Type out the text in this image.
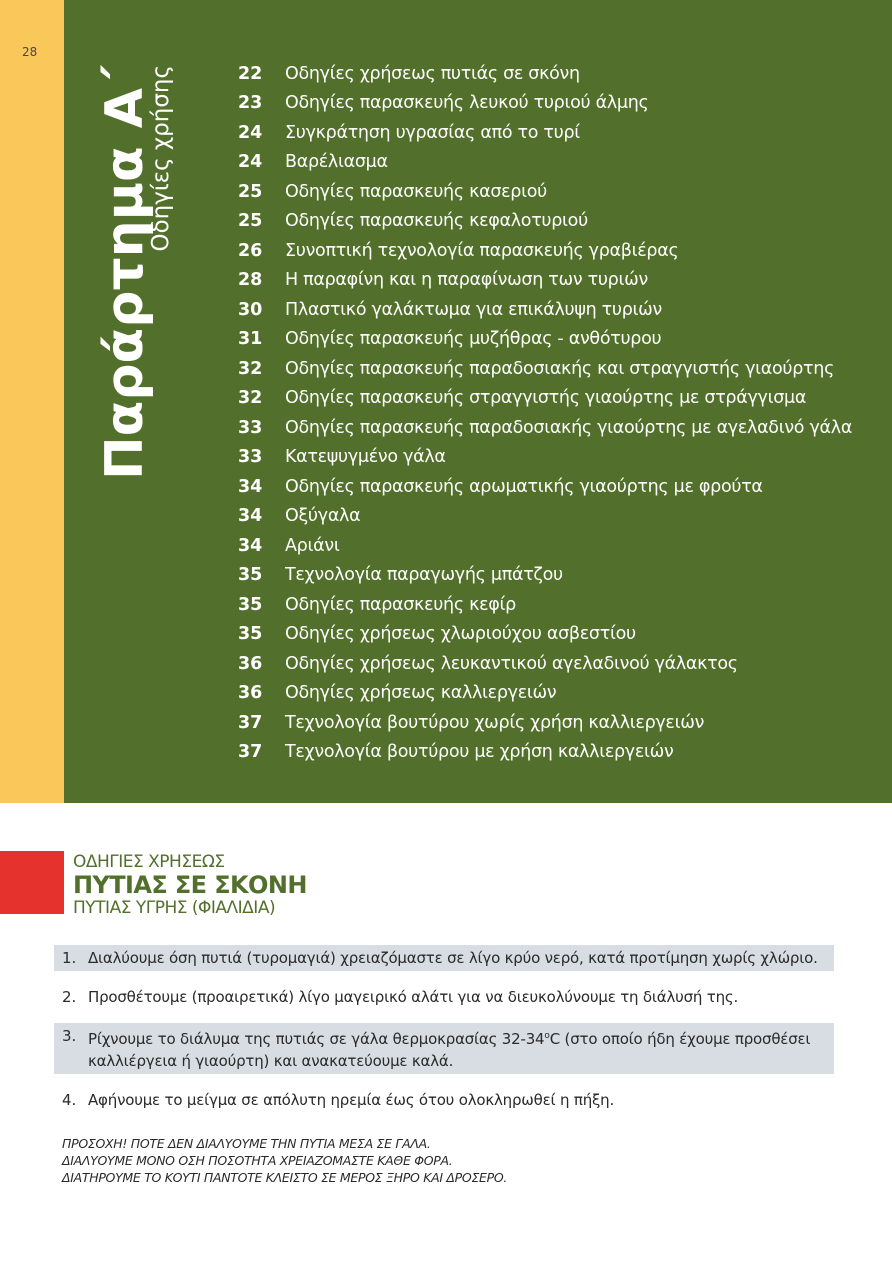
28
Παράρτημα Α΄
Οδηγίες χρήσης	22	Οδηγίες χρήσεως πυτιάς σε σκόνη
23	Οδηγίες παρασκευής λευκού τυριού άλμης
24	Συγκράτηση υγρασίας από το τυρί
24	Βαρέλιασμα
25	Οδηγίες παρασκευής κασεριού
25	Οδηγίες παρασκευής κεφαλοτυριού
26	Συνοπτική τεχνολογία παρασκευής γραβιέρας
28	Η παραφίνη και η παραφίνωση των τυριών
30	Πλαστικό γαλάκτωμα για επικάλυψη τυριών
31	Οδηγίες παρασκευής μυζήθρας - ανθότυρου
32	Οδηγίες παρασκευής παραδοσιακής και στραγγιστής γιαούρτης
32	Οδηγίες παρασκευής στραγγιστής γιαούρτης με στράγγισμα
33	Οδηγίες παρασκευής παραδοσιακής γιαούρτης με αγελαδινό γάλα
33	Κατεψυγμένο γάλα
34	Οδηγίες παρασκευής αρωματικής γιαούρτης με φρούτα
34	Οξύγαλα
34	Αριάνι
35	Τεχνολογία παραγωγής μπάτζου
35	Οδηγίες παρασκευής κεφίρ
35	Οδηγίες χρήσεως χλωριούχου ασβεστίου
36	Οδηγίες χρήσεως λευκαντικού αγελαδινού γάλακτος
36	Οδηγίες χρήσεως καλλιεργειών
37	Τεχνολογία βουτύρου χωρίς χρήση καλλιεργειών
37	Τεχνολογία βουτύρου με χρήση καλλιεργειών
ΟΔΗΓΙΕΣ ΧΡΗΣΕΩΣ
ΠΥΤΙΑΣ ΣΕ ΣΚΟΝΗ
ΠΥΤΙΑΣ ΥΓΡΗΣ (ΦΙΑΛΙΔΙΑ)
1. Διαλύουμε όση πυτιά (τυρομαγιά) χρειαζόμαστε σε λίγο κρύο νερό, κατά προτίμηση χωρίς χλώριο.
2. Προσθέτουμε (προαιρετικά) λίγο μαγειρικό αλάτι για να διευκολύνουμε τη διάλυσή της.
3. Ρίχνουμε το διάλυμα της πυτιάς σε γάλα θερμοκρασίας $32-34^oC$ (στο οποίο ήδη έχουμε προσθέσει καλλιέργεια ή γιαούρτη) και ανακατεύουμε καλά.
4. Αφήνουμε το μείγμα σε απόλυτη ηρεμία έως ότου ολοκληρωθεί η πήξη.
ΠΡΟΣΟΧΗ! ΠΟΤΕ ΔΕΝ ΔΙΑΛΥΟΥΜΕ ΤΗΝ ΠΥΤΙΑ ΜΕΣΑ ΣΕ ΓΑΛΑ.
ΔΙΑΛΥΟΥΜΕ ΜΟΝΟ ΟΣΗ ΠΟΣΟΤΗΤΑ ΧΡΕΙΑΖΟΜΑΣΤΕ ΚΑΘΕ ΦΟΡΑ.
ΔΙΑΤΗΡΟΥΜΕ ΤΟ ΚΟΥΤΙ ΠΑΝΤΟΤΕ ΚΛΕΙΣΤΟ ΣΕ ΜΕΡΟΣ ΞΗΡΟ ΚΑΙ ΔΡΟΣΕΡΟ.
